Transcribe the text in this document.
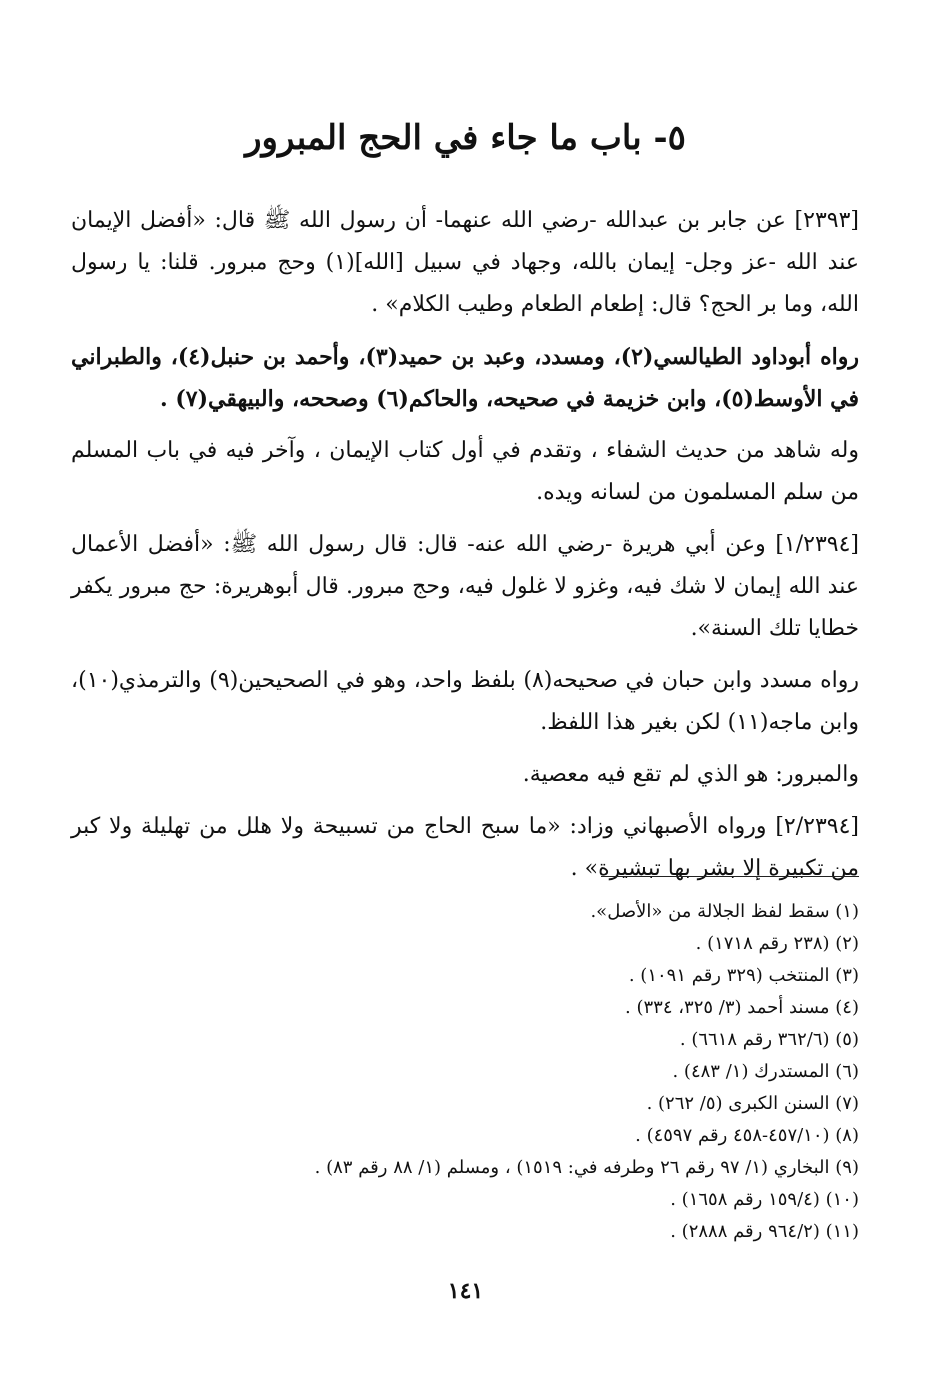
٥- باب ما جاء في الحج المبرور

[٢٣٩٣] عن جابر بن عبدالله -رضي الله عنهما- أن رسول الله ﷺ قال: «أفضل الإيمان عند الله -عز وجل- إيمان بالله، وجهاد في سبيل [الله](١) وحج مبرور. قلنا: يا رسول الله، وما بر الحج؟ قال: إطعام الطعام وطيب الكلام» .

رواه أبوداود الطيالسي(٢)، ومسدد، وعبد بن حميد(٣)، وأحمد بن حنبل(٤)، والطبراني في الأوسط(٥)، وابن خزيمة في صحيحه، والحاكم(٦) وصححه، والبيهقي(٧) .

وله شاهد من حديث الشفاء ، وتقدم في أول كتاب الإيمان ، وآخر فيه في باب المسلم من سلم المسلمون من لسانه ويده.

[١/٢٣٩٤] وعن أبي هريرة -رضي الله عنه- قال: قال رسول الله ﷺ: «أفضل الأعمال عند الله إيمان لا شك فيه، وغزو لا غلول فيه، وحج مبرور. قال أبوهريرة: حج مبرور يكفر خطايا تلك السنة».

رواه مسدد وابن حبان في صحيحه(٨) بلفظ واحد، وهو في الصحيحين(٩) والترمذي(١٠)، وابن ماجه(١١) لكن بغير هذا اللفظ.

والمبرور: هو الذي لم تقع فيه معصية.

[٢/٢٣٩٤] ورواه الأصبهاني وزاد: «ما سبح الحاج من تسبيحة ولا هلل من تهليلة ولا كبر من تكبيرة إلا بشر بها تبشيرة» .

(١) سقط لفظ الجلالة من «الأصل».
(٢) (٢٣٨ رقم ١٧١٨) .
(٣) المنتخب (٣٢٩ رقم ١٠٩١) .
(٤) مسند أحمد (٣/ ٣٢٥، ٣٣٤) .
(٥) (٣٦٢/٦ رقم ٦٦١٨) .
(٦) المستدرك (١/ ٤٨٣) .
(٧) السنن الكبرى (٥/ ٢٦٢) .
(٨) (٤٥٧/١٠-٤٥٨ رقم ٤٥٩٧) .
(٩) البخاري (١/ ٩٧ رقم ٢٦ وطرفه في: ١٥١٩) ، ومسلم (١/ ٨٨ رقم ٨٣) .
(١٠) (١٥٩/٤ رقم ١٦٥٨) .
(١١) (٩٦٤/٢ رقم ٢٨٨٨) .
١٤١
